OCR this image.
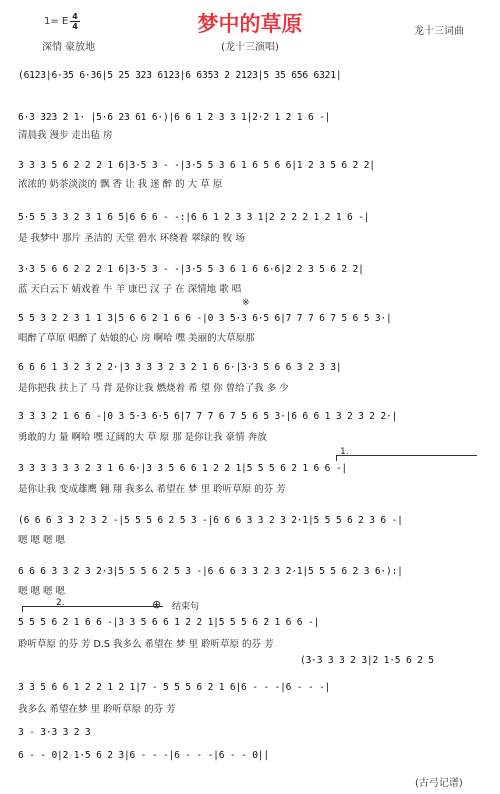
梦中的草原
(龙十三演唱)
1= E 4
4
深情 豪放地
龙十三词曲
(6123|6·35 6·36|5 25 323 6123|6 6353 2 2123|5 35 656 6321|
6·3 323 2 1· |5·6 23 61 6·)|6 6 1 2 3 3 1|2·2 1 2 1 6 -|
清晨我 漫步 走出毡 房
3 3 3 5 6 2 2 2 1 6|3·5 3 - -|3·5 5 3 6 1 6 5 6 6|1 2 3 5 6 2 2|
浓浓的 奶茶淡淡的 飘 香 让 我 迷 醉 的 大 草 原
5·5 5 3 3 2 3 1 6 5|6 6 6 - -:|6 6 1 2 3 3 1|2 2 2 2 1 2 1 6 -|
是 我梦中 那片 圣洁的 天堂 碧水 环绕着 翠绿的 牧 场
3·3 5 6 6 2 2 2 1 6|3·5 3 - -|3·5 5 3 6 1 6 6·6|2 2 3 5 6 2 2|
蓝 天白云下 婧戏着 牛 羊 康巴 汉 子 在 深情地 歌 唱
※
5 5 3 2 2 3 1 1 3|5 6 6 2 1 6 6 -|0 3 5·3 6·5 6|7 7 7 6 7 5 6 5 3·|
唱醉了草原 唱醉了 姑娘的心 房 啊哈 嘿 美丽的大草原那
6 6 6 1 3 2 3 2 2·|3 3 3 3 2 3 2 1 6 6·|3·3 5 6 6 3 2 3 3|
是你把我 扶上了 马 背 是你让我 燃烧着 希 望 你 曾给了我 多 少
3 3 3 2 1 6 6 -|0 3 5·3 6·5 6|7 7 7 6 7 5 6 5 3·|6 6 6 1 3 2 3 2 2·|
勇敢的力 量 啊哈 嘿 辽阔的大 草 原 那 是你让我 豪情 奔放
1.
3 3 3 3 3 3 2 3 1 6 6·|3 3 5 6 6 1 2 2 1|5 5 5 6 2 1 6 6 -|
是你让我 变成雄鹰 翱 翔 我多么 希望在 梦 里 聆听草原 的芬 芳
(6 6 6 3 3 2 3 2 -|5 5 5 6 2 5 3 -|6 6 6 3 3 2 3 2·1|5 5 5 6 2 3 6 -|
嗯 嗯 嗯 嗯
6 6 6 3 3 2 3 2·3|5 5 5 6 2 5 3 -|6 6 6 3 3 2 3 2·1|5 5 5 6 2 3 6·):|
嗯 嗯 嗯 嗯
2.	⊕ 结束句
5 5 5 6 2 1 6 6 -|3 3 5 6 6 1 2 2 1|5 5 5 6 2 1 6 6 -|
聆听草原 的芬 芳 D.S 我多么 希望在 梦 里 聆听草原 的芬 芳
(3·3 3 3 2 3|2 1·5 6 2 5
3 3 5 6 6 1 2 2 1 2 1|7 - 5 5 5 6 2 1 6|6 - - -|6 - - -|
我多么 希望在梦 里 聆听草原 的芬 芳
3 - 3·3 3 2 3
6 - - 0|2 1·5 6 2 3|6 - - -|6 - - -|6 - - 0||
(古弓记谱)
